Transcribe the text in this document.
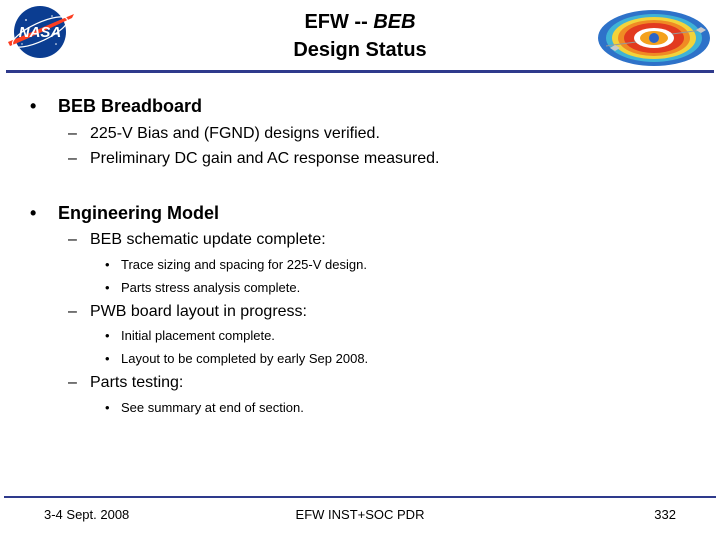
NASA	EFW -- BEB
Design Status
• BEB Breadboard
– 225-V Bias and (FGND) designs verified.
– Preliminary DC gain and AC response measured.
• Engineering Model
– BEB schematic update complete:
• Trace sizing and spacing for 225-V design.
• Parts stress analysis complete.
– PWB board layout in progress:
• Initial placement complete.
• Layout to be completed by early Sep 2008.
– Parts testing:
• See summary at end of section.
3-4 Sept. 2008	EFW INST+SOC PDR	332
